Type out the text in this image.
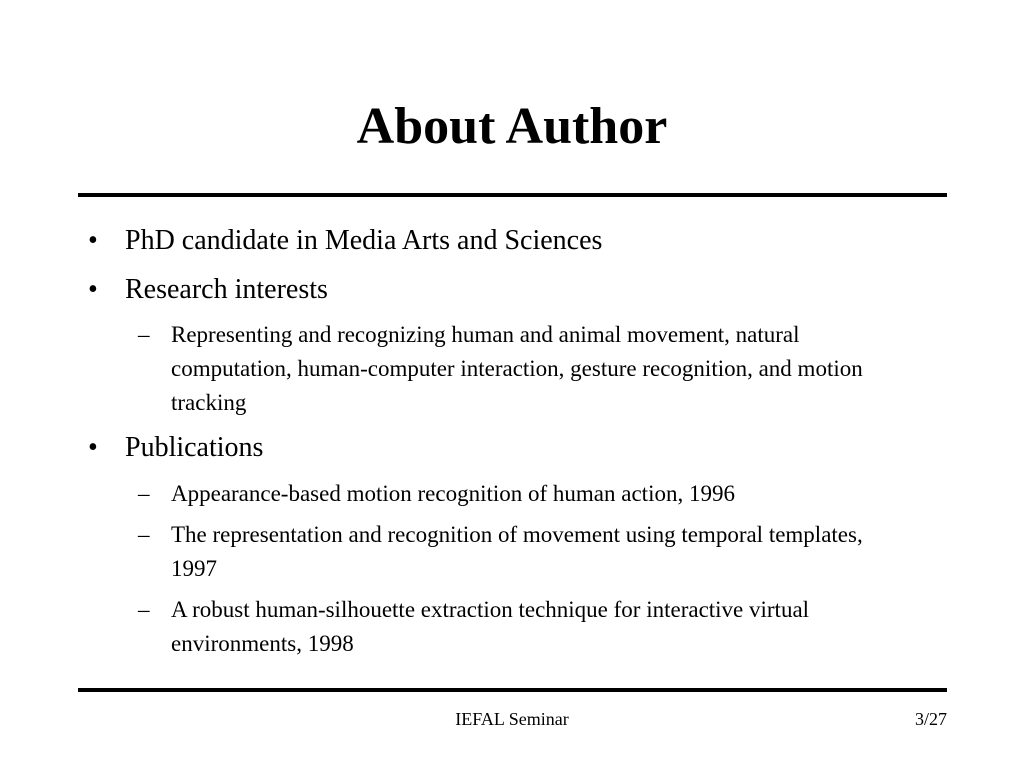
About Author
• PhD candidate in Media Arts and Sciences
• Research interests
– Representing and recognizing human and animal movement, natural computation, human-computer interaction, gesture recognition, and motion tracking
• Publications
– Appearance-based motion recognition of human action, 1996
– The representation and recognition of movement using temporal templates, 1997
– A robust human-silhouette extraction technique for interactive virtual environments, 1998
IEFAL Seminar	3/27
